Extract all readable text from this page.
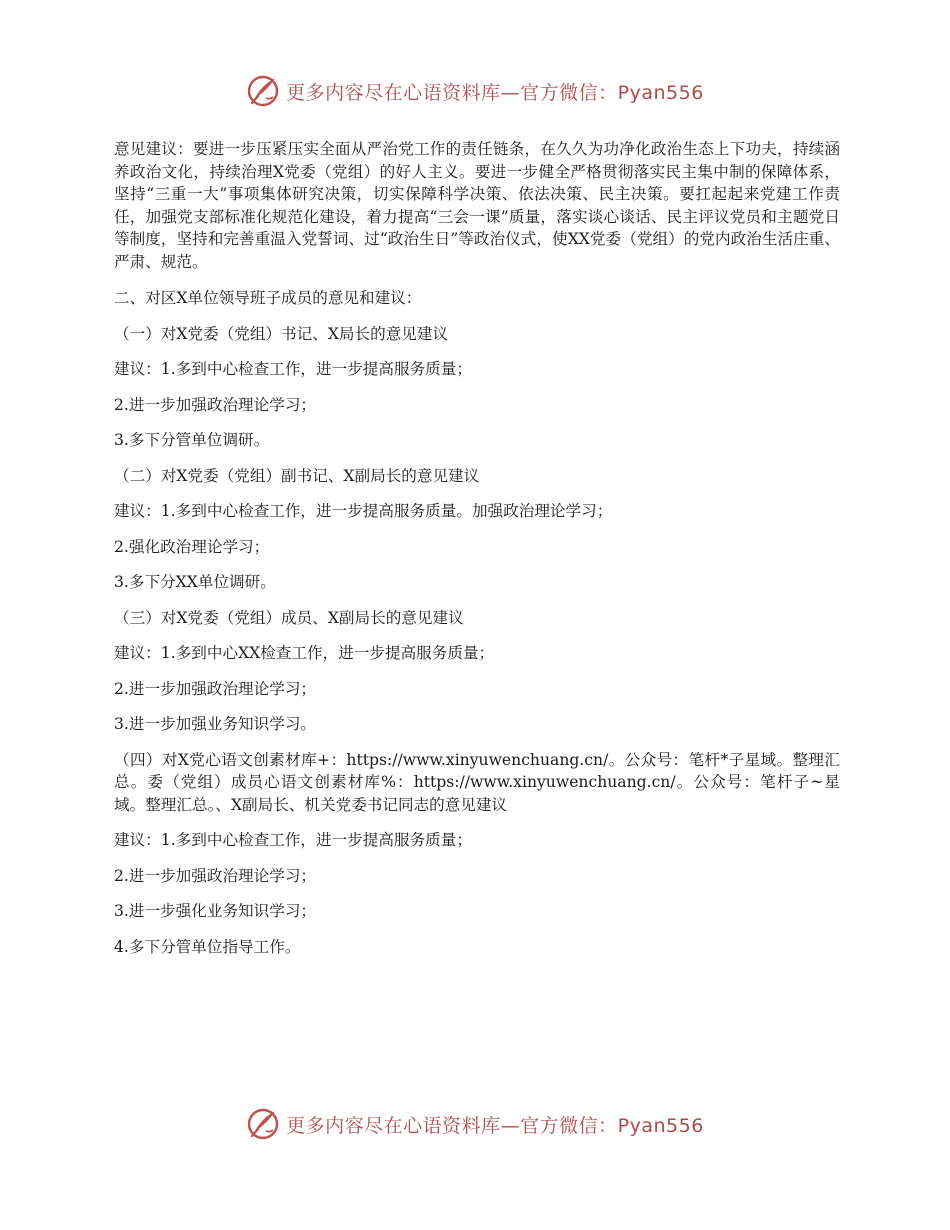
更多内容尽在心语资料库—官方微信：Pyan556

意见建议：要进一步压紧压实全面从严治党工作的责任链条，在久久为功净化政治生态上下功夫，持续涵养政治文化，持续治理X党委（党组）的好人主义。要进一步健全严格贯彻落实民主集中制的保障体系，坚持“三重一大”事项集体研究决策，切实保障科学决策、依法决策、民主决策。要扛起起来党建工作责任，加强党支部标准化规范化建设，着力提高“三会一课”质量，落实谈心谈话、民主评议党员和主题党日等制度，坚持和完善重温入党誓词、过“政治生日”等政治仪式，使XX党委（党组）的党内政治生活庄重、严肃、规范。

二、对区X单位领导班子成员的意见和建议：

（一）对X党委（党组）书记、X局长的意见建议

建议：1.多到中心检查工作，进一步提高服务质量；

2.进一步加强政治理论学习；

3.多下分管单位调研。

（二）对X党委（党组）副书记、X副局长的意见建议

建议：1.多到中心检查工作，进一步提高服务质量。加强政治理论学习；

2.强化政治理论学习；

3.多下分XX单位调研。

（三）对X党委（党组）成员、X副局长的意见建议

建议：1.多到中心XX检查工作，进一步提高服务质量；

2.进一步加强政治理论学习；

3.进一步加强业务知识学习。

（四）对X党心语文创素材库+：https://www.xinyuwenchuang.cn/。公众号：笔杆*子星域。整理汇总。委（党组）成员心语文创素材库%：https://www.xinyuwenchuang.cn/。公众号：笔杆子~星域。整理汇总。、X副局长、机关党委书记同志的意见建议

建议：1.多到中心检查工作，进一步提高服务质量；

2.进一步加强政治理论学习；

3.进一步强化业务知识学习；

4.多下分管单位指导工作。

更多内容尽在心语资料库—官方微信：Pyan556
